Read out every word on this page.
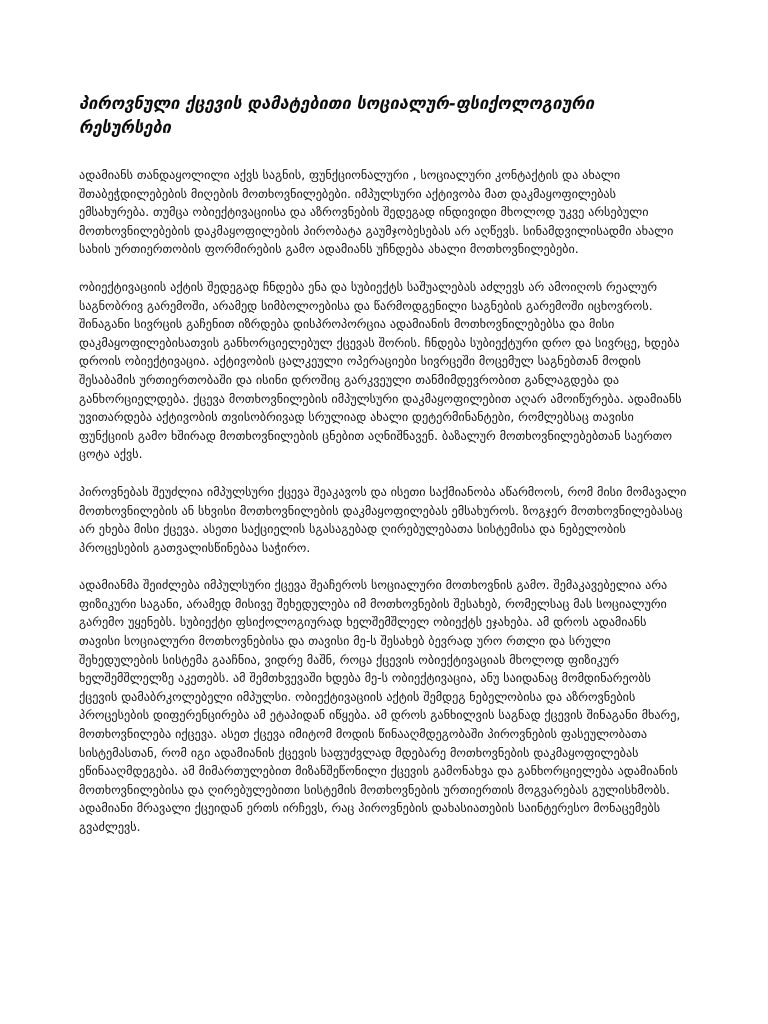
პიროვნული ქცევის დამატებითი სოციალურ-ფსიქოლოგიური რესურსები

ადამიანს თანდაყოლილი აქვს საგნის, ფუნქციონალური , სოციალური კონტაქტის და ახალი შთაბეჭდილებების მიღების მოთხოვნილებები. იმპულსური აქტივობა მათ დაკმაყოფილებას ემსახურება. თუმცა ობიექტივაციისა და აზროვნების შედეგად ინდივიდი მხოლოდ უკვე არსებული მოთხოვნილებების დაკმაყოფილების პირობატა გაუმჯობესებას არ აღწევს. სინამდვილისადმი ახალი სახის ურთიერთობის ფორმირების გამო ადამიანს უჩნდება ახალი მოთხოვნილებები.

ობიექტივაციის აქტის შედეგად ჩნდება ენა და სუბიექტს საშუალებას აძლევს არ ამოიღოს რეალურ საგნობრივ გარემოში, არამედ სიმბოლოებისა და წარმოდგენილი საგნების გარემოში იცხოვროს. შინაგანი სივრცის გაჩენით იზრდება დისპროპორცია ადამიანის მოთხოვნილებებსა და მისი დაკმაყოფილებისათვის განხორციელებულ ქცევას შორის. ჩნდება სუბიექტური დრო და სივრცე, ხდება დროის ობიექტივაცია. აქტივობის ცალკეული ოპერაციები სივრცეში მოცემულ საგნებთან მოდის შესაბამის ურთიერთობაში და ისინი დროშიც გარკვეული თანმიმდევრობით განლაგდება და განხორციელდება. ქცევა მოთხოვნილების იმპულსური დაკმაყოფილებით აღარ ამოიწურება. ადამიანს უვითარდება აქტივობის თვისობრივად სრულიად ახალი დეტერმინანტები, რომლებსაც თავისი ფუნქციის გამო ხშირად მოთხოვნილების ცნებით აღნიშნავენ. ბაზალურ მოთხოვნილებებთან საერთო ცოტა აქვს.

პიროვნებას შეუძლია იმპულსური ქცევა შეაკავოს და ისეთი საქმიანობა აწარმოოს, რომ მისი მომავალი მოთხოვნილების ან სხვისი მოთხოვნილების დაკმაყოფილებას ემსახუროს. ზოგჯერ მოთხოვნილებასაც არ ეხება მისი ქცევა. ასეთი საქციელის სგასაგებად ღირებულებათა სისტემისა და ნებელობის პროცესების გათვალისწინებაა საჭირო.

ადამიანმა შეიძლება იმპულსური ქცევა შეაჩეროს სოციალური მოთხოვნის გამო. შემაკავებელია არა ფიზიკური საგანი, არამედ მისივე შეხედულება იმ მოთხოვნების შესახებ, რომელსაც მას სოციალური გარემო უყენებს. სუბიექტი ფსიქოლოგიურად ხელშემშლელ ობიექტს ეჯახება. ამ დროს ადამიანს თავისი სოციალური მოთხოვნებისა და თავისი მე-ს შესახებ ბევრად ურო რთლი და სრული შეხედულების სისტემა გააჩნია, ვიდრე მაშნ, როცა ქცევის ობიექტივაციას მხოლოდ ფიზიკურ ხელშემშლელზე აკეთებს. ამ შემთხვევაში ხდება მე-ს ობიექტივაცია, ანუ საიდანაც მომდინარეობს ქცევის დამაბრკოლებელი იმპულსი. ობიექტივაციის აქტის შემდეგ ნებელობისა და აზროვნების პროცესების დიფერენცირება ამ ეტაპიდან იწყება. ამ დროს განხილვის საგნად ქცევის შინაგანი მხარე, მოთხოვნილება იქცევა. ასეთ ქცევა იმიტომ მოდის წინააღმდეგობაში პიროვნების ფასეულობათა სისტემასთან, რომ იგი ადამიანის ქცევის საფუძვლად მდებარე მოთხოვნების დაკმაყოფილებას ეწინააღმდეგება. ამ მიმართულებით მიზანშეწონილი ქცევის გამონახვა და განხორციელება ადამიანის მოთხოვნილებისა და ღირებულებითი სისტემის მოთხოვნების ურთიერთის მოგვარებას გულისხმობს. ადამიანი მრავალი ქცეიდან ერთს ირჩევს, რაც პიროვნების დახასიათების საინტერესო მონაცემებს გვაძლევს.
